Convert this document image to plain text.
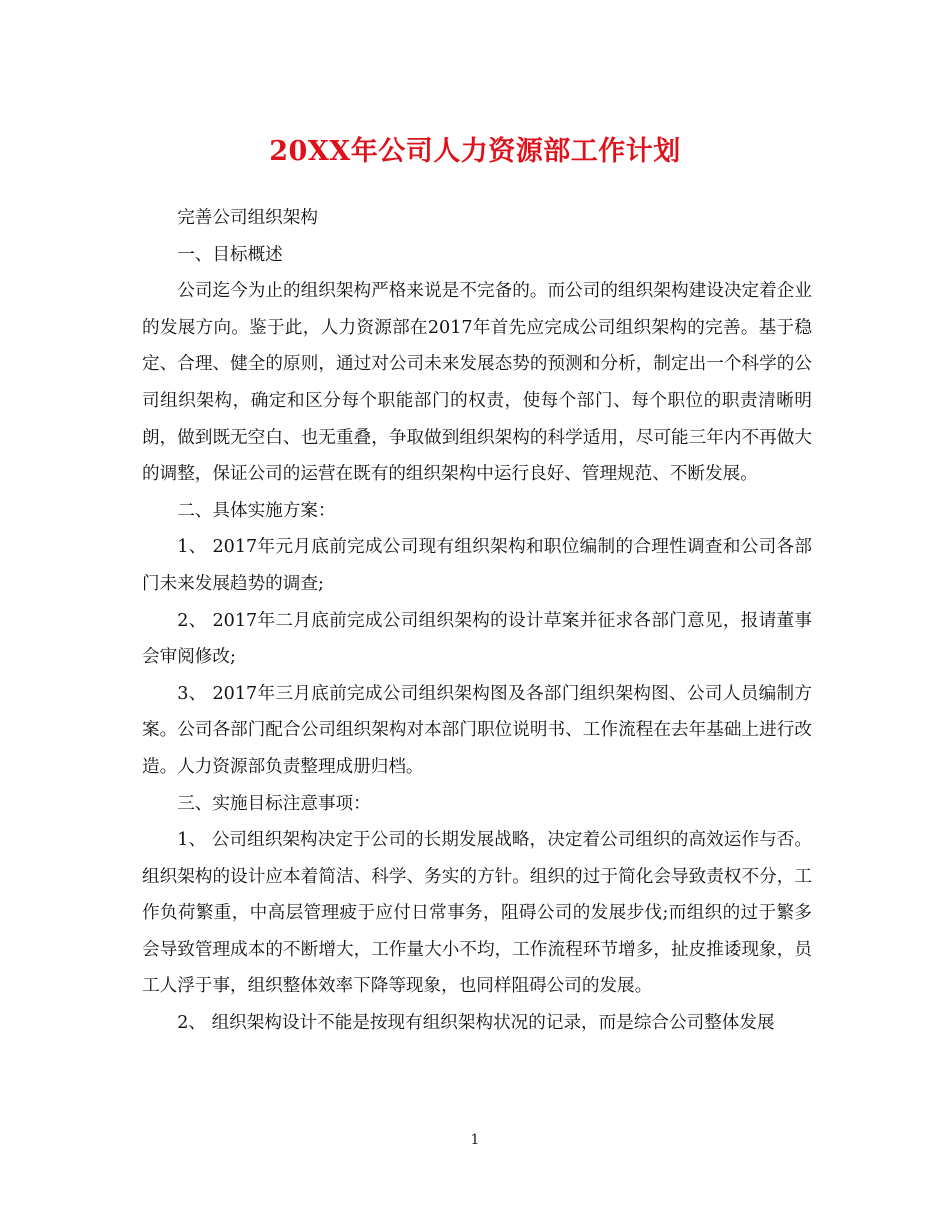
20XX年公司人力资源部工作计划

完善公司组织架构

一、目标概述

公司迄今为止的组织架构严格来说是不完备的。而公司的组织架构建设决定着企业的发展方向。鉴于此，人力资源部在2017年首先应完成公司组织架构的完善。基于稳定、合理、健全的原则，通过对公司未来发展态势的预测和分析，制定出一个科学的公司组织架构，确定和区分每个职能部门的权责，使每个部门、每个职位的职责清晰明朗，做到既无空白、也无重叠，争取做到组织架构的科学适用，尽可能三年内不再做大的调整，保证公司的运营在既有的组织架构中运行良好、管理规范、不断发展。

二、具体实施方案：

1、 2017年元月底前完成公司现有组织架构和职位编制的合理性调查和公司各部门未来发展趋势的调查;

2、 2017年二月底前完成公司组织架构的设计草案并征求各部门意见，报请董事会审阅修改;

3、 2017年三月底前完成公司组织架构图及各部门组织架构图、公司人员编制方案。公司各部门配合公司组织架构对本部门职位说明书、工作流程在去年基础上进行改造。人力资源部负责整理成册归档。

三、实施目标注意事项：

1、 公司组织架构决定于公司的长期发展战略，决定着公司组织的高效运作与否。组织架构的设计应本着简洁、科学、务实的方针。组织的过于简化会导致责权不分，工作负荷繁重，中高层管理疲于应付日常事务，阻碍公司的发展步伐;而组织的过于繁多会导致管理成本的不断增大，工作量大小不均，工作流程环节增多，扯皮推诿现象，员工人浮于事，组织整体效率下降等现象，也同样阻碍公司的发展。

2、 组织架构设计不能是按现有组织架构状况的记录，而是综合公司整体发展

1
